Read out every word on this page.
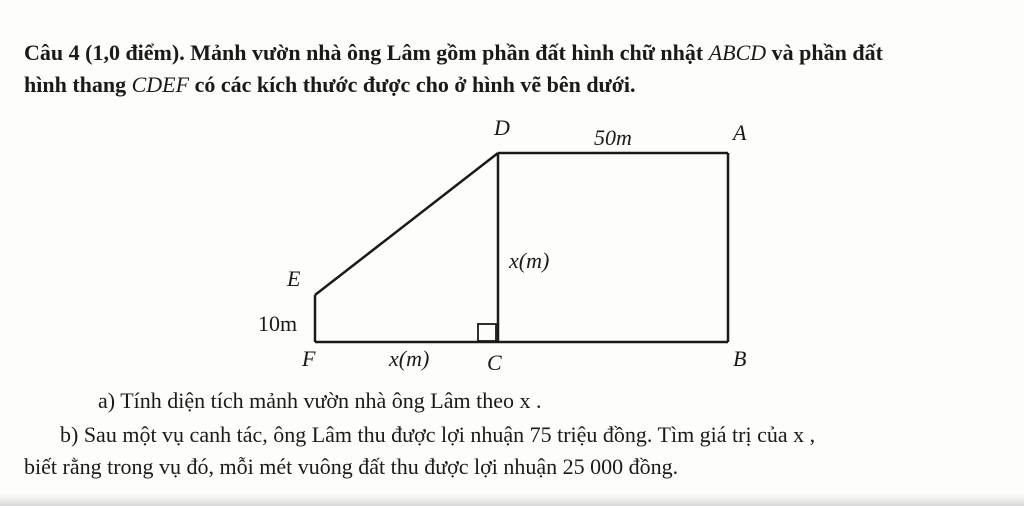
Câu 4 (1,0 điểm). Mảnh vườn nhà ông Lâm gồm phần đất hình chữ nhật ABCD và phần đất
hình thang CDEF có các kích thước được cho ở hình vẽ bên dưới.
D	A
E
F	C	B
50m
x(m)
10m
x(m)
a) Tính diện tích mảnh vườn nhà ông Lâm theo x .
b) Sau một vụ canh tác, ông Lâm thu được lợi nhuận 75 triệu đồng. Tìm giá trị của x ,
biết rằng trong vụ đó, mỗi mét vuông đất thu được lợi nhuận 25 000 đồng.
